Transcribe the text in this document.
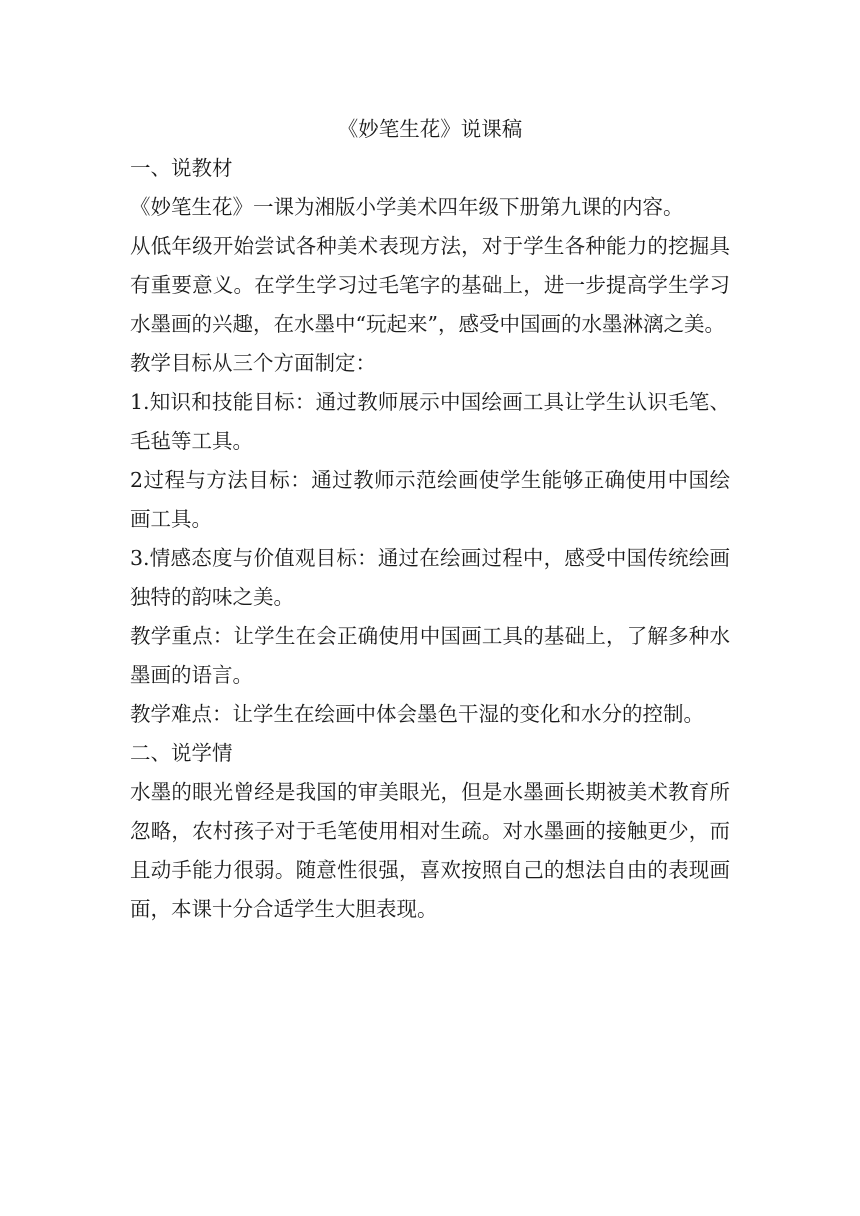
《妙笔生花》说课稿

一、说教材

《妙笔生花》一课为湘版小学美术四年级下册第九课的内容。

从低年级开始尝试各种美术表现方法，对于学生各种能力的挖掘具有重要意义。在学生学习过毛笔字的基础上，进一步提高学生学习水墨画的兴趣，在水墨中“玩起来”，感受中国画的水墨淋漓之美。

教学目标从三个方面制定：

1.知识和技能目标：通过教师展示中国绘画工具让学生认识毛笔、毛毡等工具。

2过程与方法目标：通过教师示范绘画使学生能够正确使用中国绘画工具。

3.情感态度与价值观目标：通过在绘画过程中，感受中国传统绘画独特的韵味之美。

教学重点：让学生在会正确使用中国画工具的基础上，了解多种水墨画的语言。

教学难点：让学生在绘画中体会墨色干湿的变化和水分的控制。

二、说学情

水墨的眼光曾经是我国的审美眼光，但是水墨画长期被美术教育所忽略，农村孩子对于毛笔使用相对生疏。对水墨画的接触更少，而且动手能力很弱。随意性很强，喜欢按照自己的想法自由的表现画面，本课十分合适学生大胆表现。
